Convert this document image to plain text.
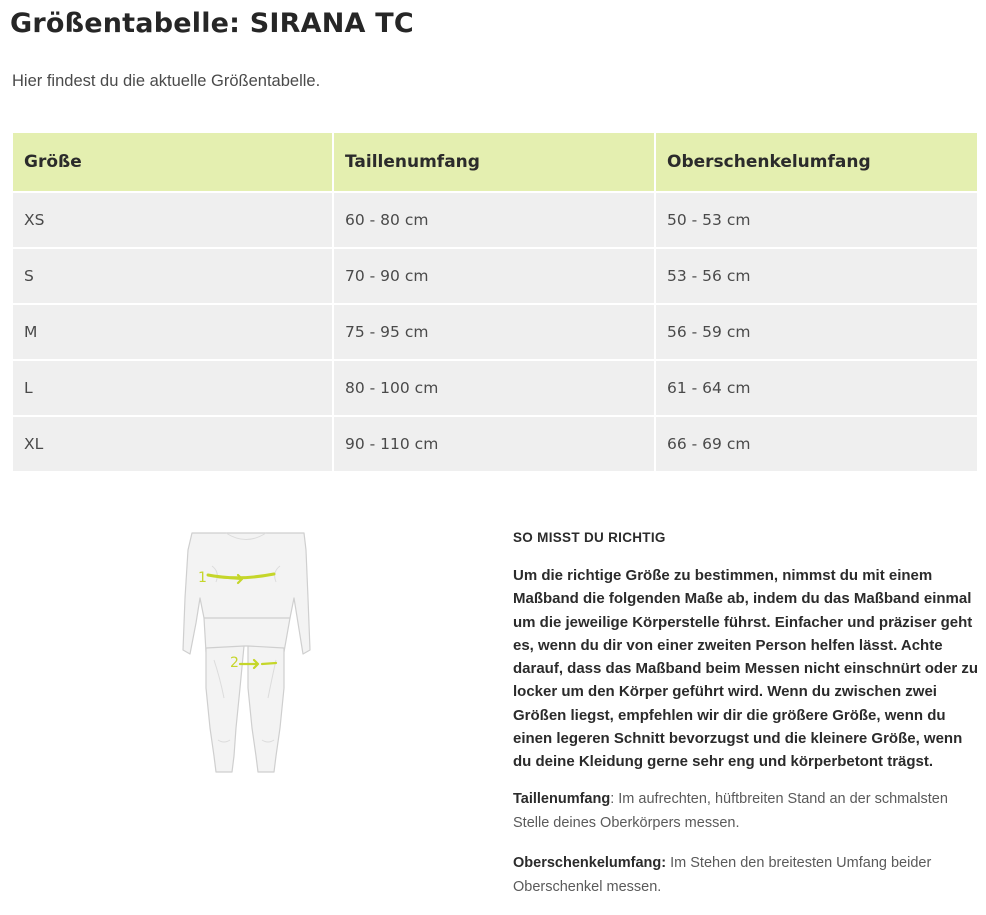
Größentabelle: SIRANA TC

Hier findest du die aktuelle Größentabelle.

Größe	Taillenumfang	Oberschenkelumfang
XS	60 - 80 cm	50 - 53 cm
S	70 - 90 cm	53 - 56 cm
M	75 - 95 cm	56 - 59 cm
L	80 - 100 cm	61 - 64 cm
XL	90 - 110 cm	66 - 69 cm
1
2

SO MISST DU RICHTIG

Um die richtige Größe zu bestimmen, nimmst du mit einem Maßband die folgenden Maße ab, indem du das Maßband einmal um die jeweilige Körperstelle führst. Einfacher und präziser geht es, wenn du dir von einer zweiten Person helfen lässt. Achte darauf, dass das Maßband beim Messen nicht einschnürt oder zu locker um den Körper geführt wird. Wenn du zwischen zwei Größen liegst, empfehlen wir dir die größere Größe, wenn du einen legeren Schnitt bevorzugst und die kleinere Größe, wenn du deine Kleidung gerne sehr eng und körperbetont trägst.

Taillenumfang: Im aufrechten, hüftbreiten Stand an der schmalsten Stelle deines Oberkörpers messen.

Oberschenkelumfang: Im Stehen den breitesten Umfang beider Oberschenkel messen.
